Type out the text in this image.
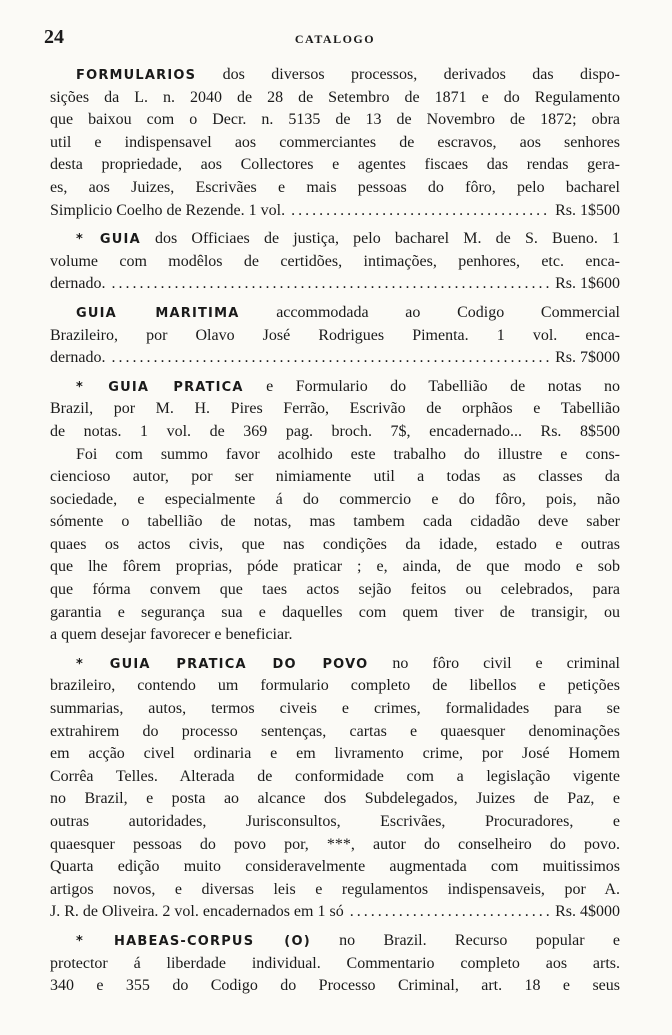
24	CATALOGO
FORMULARIOS dos diversos processos, derivados das dispo-
sições da L. n. 2040 de 28 de Setembro de 1871 e do Regulamento
que baixou com o Decr. n. 5135 de 13 de Novembro de 1872; obra
util e indispensavel aos commerciantes de escravos, aos senhores
desta propriedade, aos Collectores e agentes fiscaes das rendas gera-
es, aos Juizes, Escrivães e mais pessoas do fôro, pelo bacharel
Simplicio Coelho de Rezende. 1 vol. .....	Rs. 1$500
* GUIA dos Officiaes de justiça, pelo bacharel M. de S. Bueno. 1
volume com modêlos de certidões, intimações, penhores, etc. enca-
dernado. .....	Rs. 1$600
GUIA MARITIMA accommodada ao Codigo Commercial
Brazileiro, por Olavo José Rodrigues Pimenta. 1 vol. enca-
dernado. .....	Rs. 7$000
* GUIA PRATICA e Formulario do Tabellião de notas no
Brazil, por M. H. Pires Ferrão, Escrivão de orphãos e Tabellião
de notas. 1 vol. de 369 pag. broch. 7$, encadernado... Rs. 8$500
Foi com summo favor acolhido este trabalho do illustre e cons-
ciencioso autor, por ser nimiamente util a todas as classes da
sociedade, e especialmente á do commercio e do fôro, pois, não
sómente o tabellião de notas, mas tambem cada cidadão deve saber
quaes os actos civis, que nas condições da idade, estado e outras
que lhe fôrem proprias, póde praticar ; e, ainda, de que modo e sob
que fórma convem que taes actos sejão feitos ou celebrados, para
garantia e segurança sua e daquelles com quem tiver de transigir, ou
a quem desejar favorecer e beneficiar.
* GUIA PRATICA DO POVO no fôro civil e criminal
brazileiro, contendo um formulario completo de libellos e petições
summarias, autos, termos civeis e crimes, formalidades para se
extrahirem do processo sentenças, cartas e quaesquer denominações
em acção civel ordinaria e em livramento crime, por José Homem
Corrêa Telles. Alterada de conformidade com a legislação vigente
no Brazil, e posta ao alcance dos Subdelegados, Juizes de Paz, e
outras autoridades, Jurisconsultos, Escrivães, Procuradores, e
quaesquer pessoas do povo por, ***, autor do conselheiro do povo.
Quarta edição muito consideravelmente augmentada com muitissimos
artigos novos, e diversas leis e regulamentos indispensaveis, por A.
J. R. de Oliveira. 2 vol. encadernados em 1 só .....	Rs. 4$000
* HABEAS-CORPUS (O) no Brazil. Recurso popular e
protector á liberdade individual. Commentario completo aos arts.
340 e 355 do Codigo do Processo Criminal, art. 18 e seus
